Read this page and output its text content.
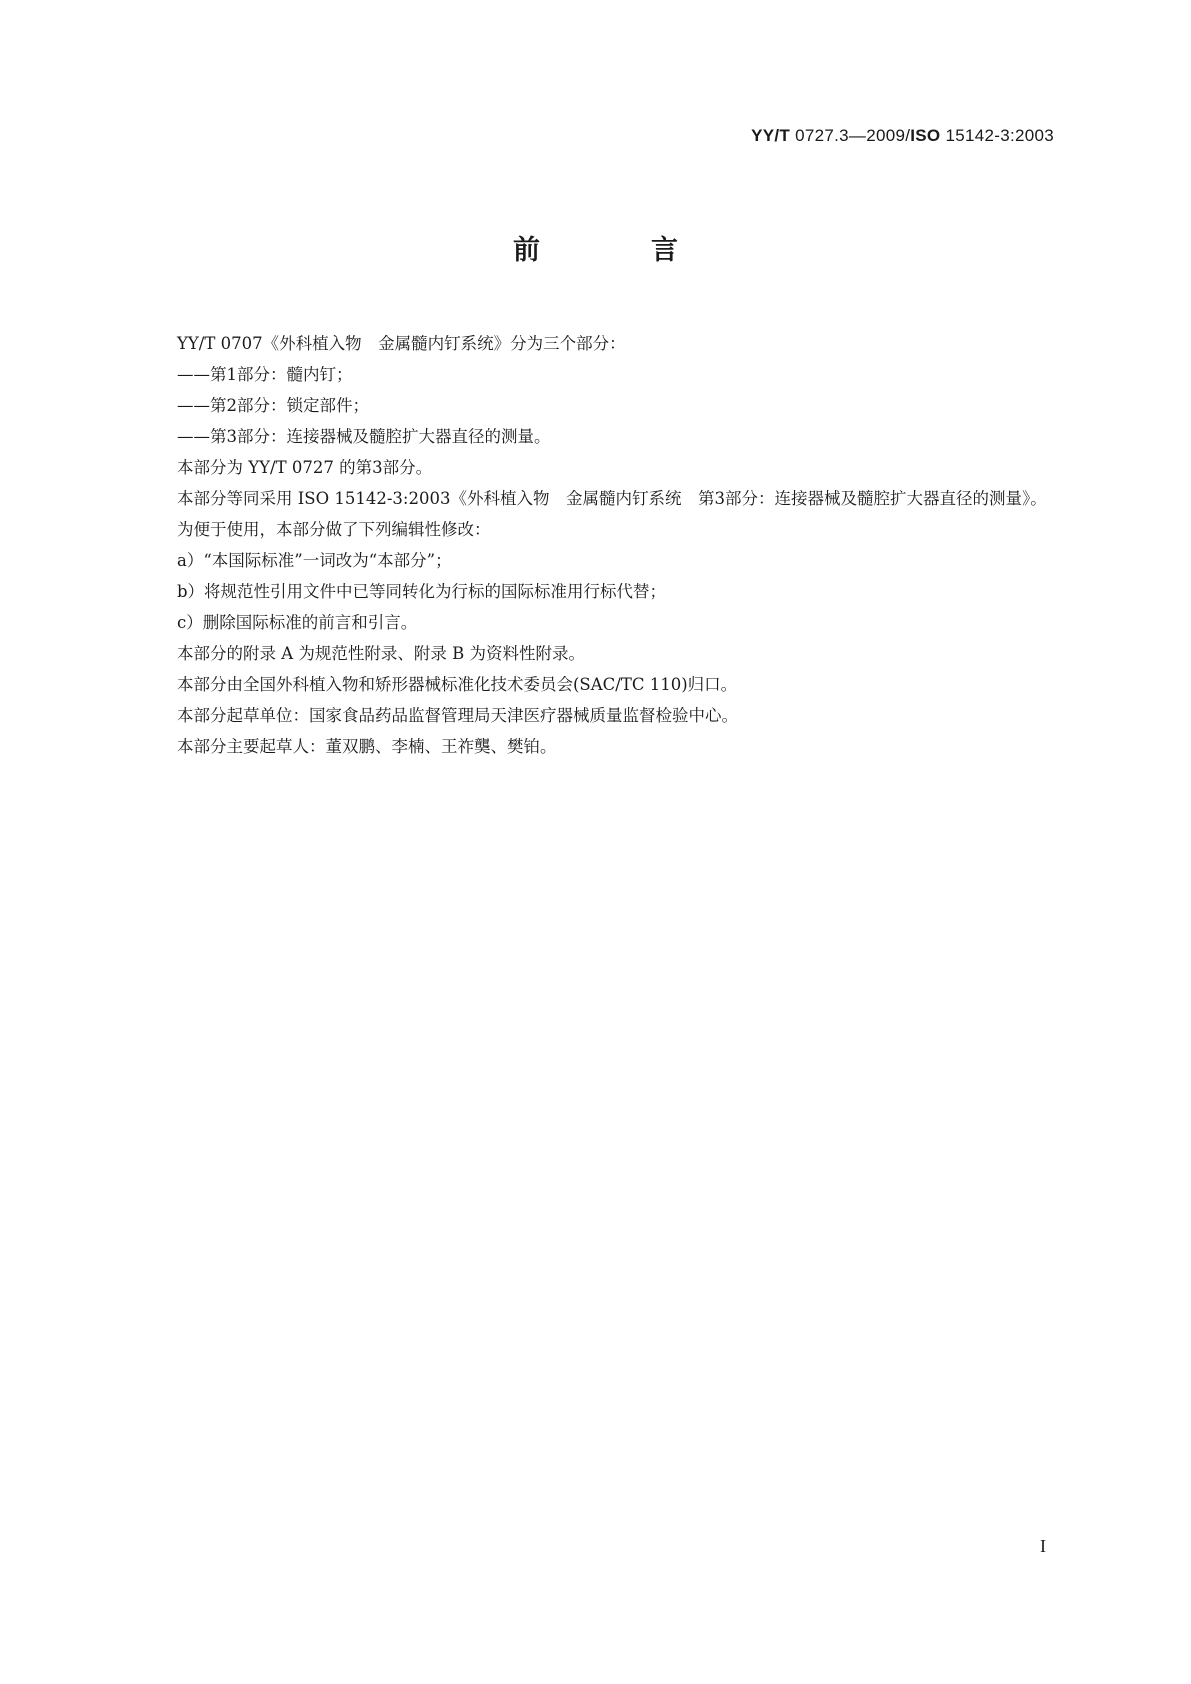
YY/T 0727.3—2009/ISO 15142-3:2003
前　言

YY/T 0707《外科植入物　金属髓内钉系统》分为三个部分：

——第1部分：髓内钉；

——第2部分：锁定部件；

——第3部分：连接器械及髓腔扩大器直径的测量。

本部分为 YY/T 0727 的第3部分。

本部分等同采用 ISO 15142-3:2003《外科植入物　金属髓内钉系统　第3部分：连接器械及髓腔扩大器直径的测量》。

为便于使用，本部分做了下列编辑性修改：

a）“本国际标准”一词改为“本部分”；

b）将规范性引用文件中已等同转化为行标的国际标准用行标代替；

c）删除国际标准的前言和引言。

本部分的附录 A 为规范性附录、附录 B 为资料性附录。

本部分由全国外科植入物和矫形器械标准化技术委员会(SAC/TC 110)归口。

本部分起草单位：国家食品药品监督管理局天津医疗器械质量监督检验中心。

本部分主要起草人：董双鹏、李楠、王祚龑、樊铂。

I
